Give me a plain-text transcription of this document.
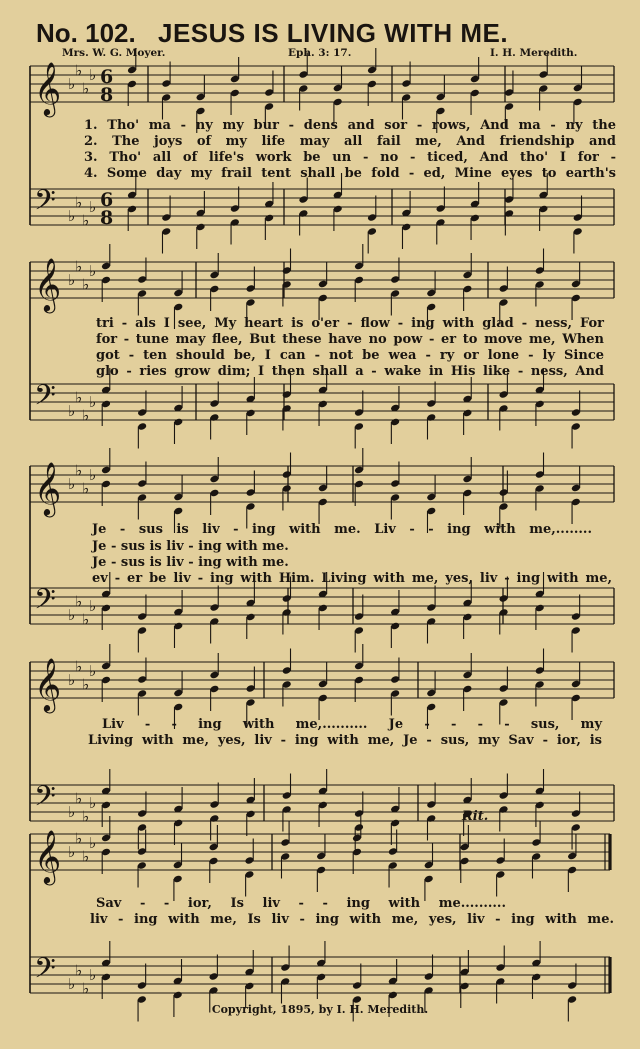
No. 102. JESUS IS LIVING WITH ME.
Mrs. W. G. Moyer.	Eph. 3: 17.	I. H. Meredith.
𝄞 ♭
♭
♭
♭ 6
8
𝄢 ♭
♭
♭
♭ 6
8
𝄞 ♭
♭
♭
♭
𝄢 ♭
♭
♭
♭
𝄞 ♭
♭
♭
♭
𝄢 ♭
♭
♭
♭
𝄞 ♭
♭
♭
♭
𝄢 ♭
♭
♭
♭
𝄞 ♭
♭
♭
♭
𝄢 ♭
♭
♭
♭
1. Tho' ma - ny my bur - dens and sor - rows, And ma - ny the
2. The joys of my life may all fail me, And friendship and
3. Tho' all of life's work be un - no - ticed, And tho' I for -
4. Some day my frail tent shall be fold - ed, Mine eyes to earth's
tri - als I see, My heart is o'er - flow - ing with glad - ness, For
for - tune may flee, But these have no pow - er to move me, When
got - ten should be, I can - not be wea - ry or lone - ly Since
glo - ries grow dim; I then shall a - wake in His like - ness, And
Je - sus is liv - ing with me. Liv - - ing with me,........
Je - sus is liv - ing with me.
Je - sus is liv - ing with me.
ev - er be liv - ing with Him. Living with me, yes, liv - ing with me,
Liv - - ing with me,.......... Je - - - - sus, my
Living with me, yes, liv - ing with me, Je - sus, my Sav - ior, is
Sav - - ior, Is liv - - ing with me..........
liv - ing with me, Is liv - ing with me, yes, liv - ing with me.
Rit.
Copyright, 1895, by I. H. Meredith.
